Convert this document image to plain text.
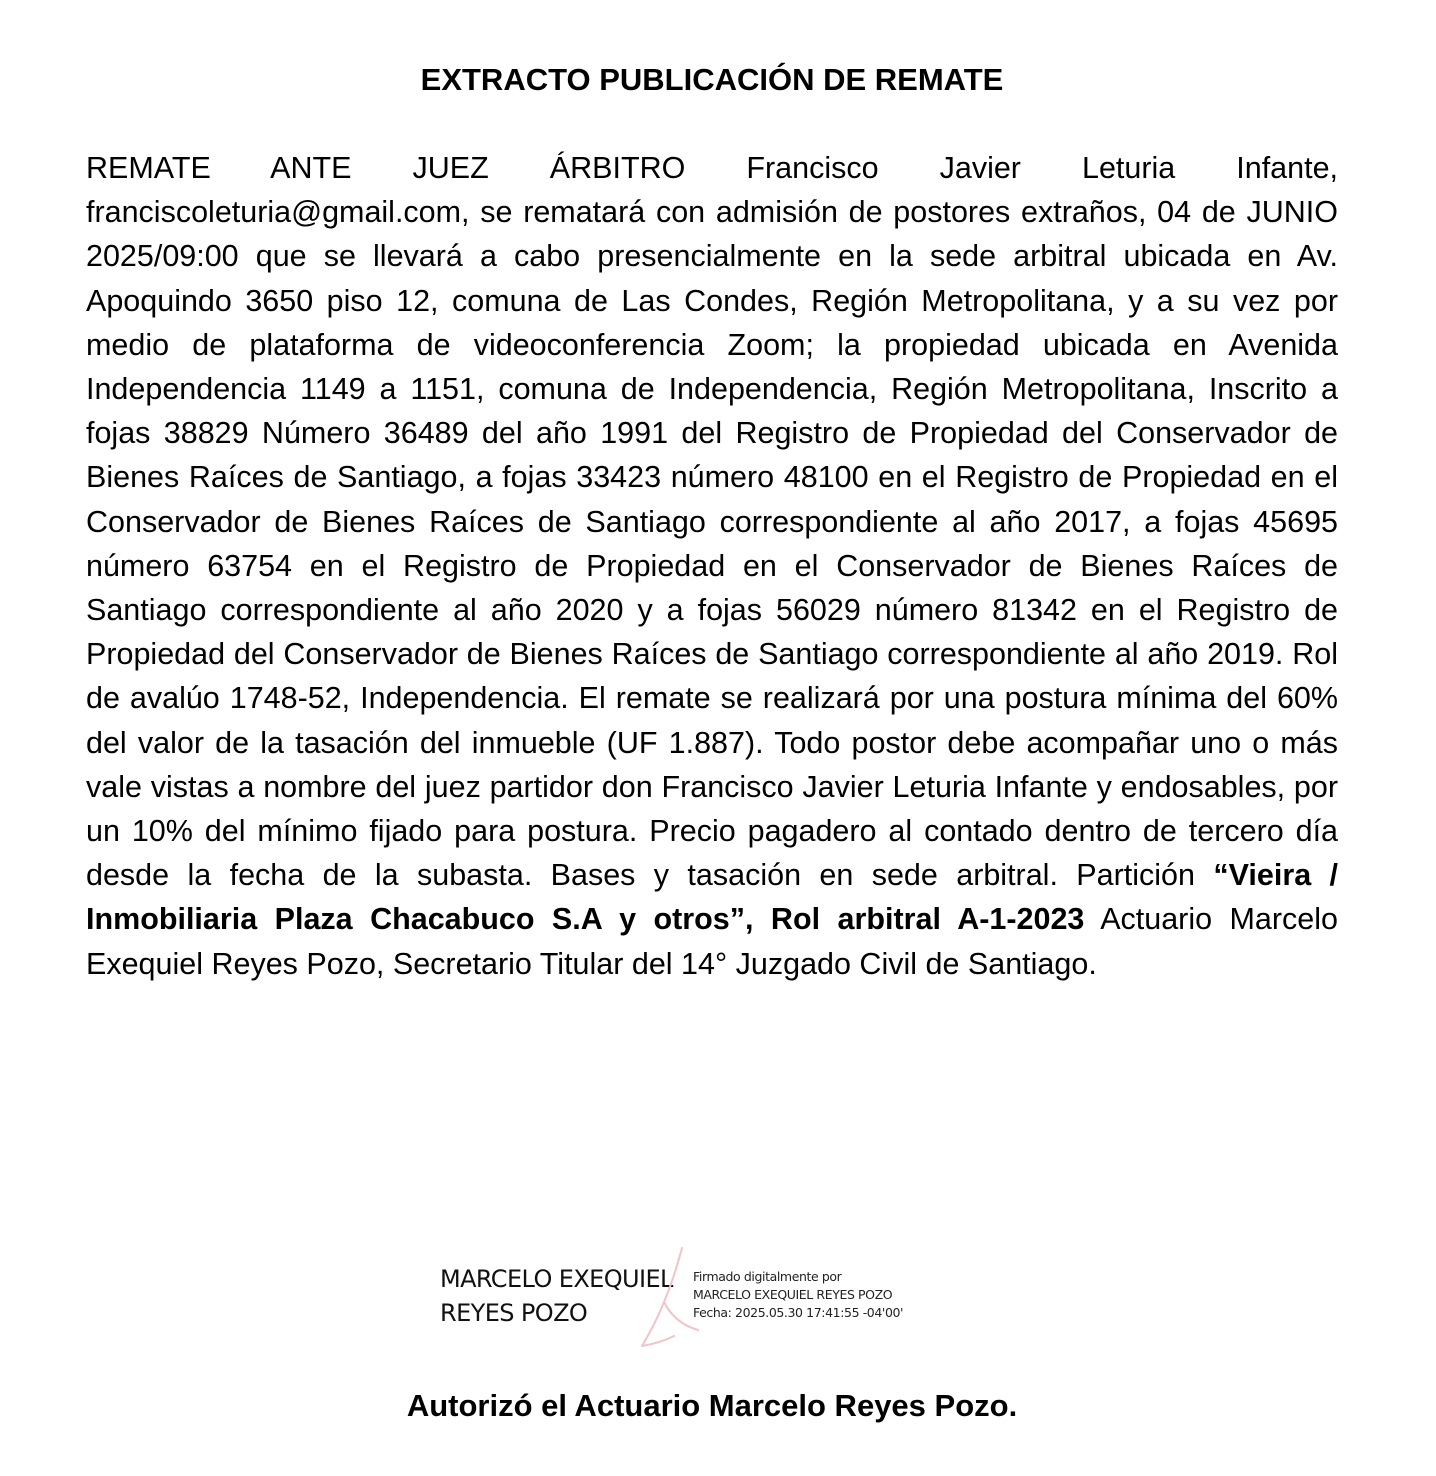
EXTRACTO PUBLICACIÓN DE REMATE

REMATE ANTE JUEZ ÁRBITRO Francisco Javier Leturia Infante, franciscoleturia@gmail.com, se rematará con admisión de postores extraños, 04 de JUNIO 2025/09:00 que se llevará a cabo presencialmente en la sede arbitral ubicada en Av. Apoquindo 3650 piso 12, comuna de Las Condes, Región Metropolitana, y a su vez por medio de plataforma de videoconferencia Zoom; la propiedad ubicada en Avenida Independencia 1149 a 1151, comuna de Independencia, Región Metropolitana, Inscrito a fojas 38829 Número 36489 del año 1991 del Registro de Propiedad del Conservador de Bienes Raíces de Santiago, a fojas 33423 número 48100 en el Registro de Propiedad en el Conservador de Bienes Raíces de Santiago correspondiente al año 2017, a fojas 45695 número 63754 en el Registro de Propiedad en el Conservador de Bienes Raíces de Santiago correspondiente al año 2020 y a fojas 56029 número 81342 en el Registro de Propiedad del Conservador de Bienes Raíces de Santiago correspondiente al año 2019. Rol de avalúo 1748-52, Independencia. El remate se realizará por una postura mínima del 60% del valor de la tasación del inmueble (UF 1.887). Todo postor debe acompañar uno o más vale vistas a nombre del juez partidor don Francisco Javier Leturia Infante y endosables, por un 10% del mínimo fijado para postura. Precio pagadero al contado dentro de tercero día desde la fecha de la subasta. Bases y tasación en sede arbitral. Partición “Vieira / Inmobiliaria Plaza Chacabuco S.A y otros”, Rol arbitral A-1-2023 Actuario Marcelo Exequiel Reyes Pozo, Secretario Titular del 14° Juzgado Civil de Santiago.

MARCELO EXEQUIEL
REYES POZO
Firmado digitalmente por
MARCELO EXEQUIEL REYES POZO
Fecha: 2025.05.30 17:41:55 -04'00'
Autorizó el Actuario Marcelo Reyes Pozo.
